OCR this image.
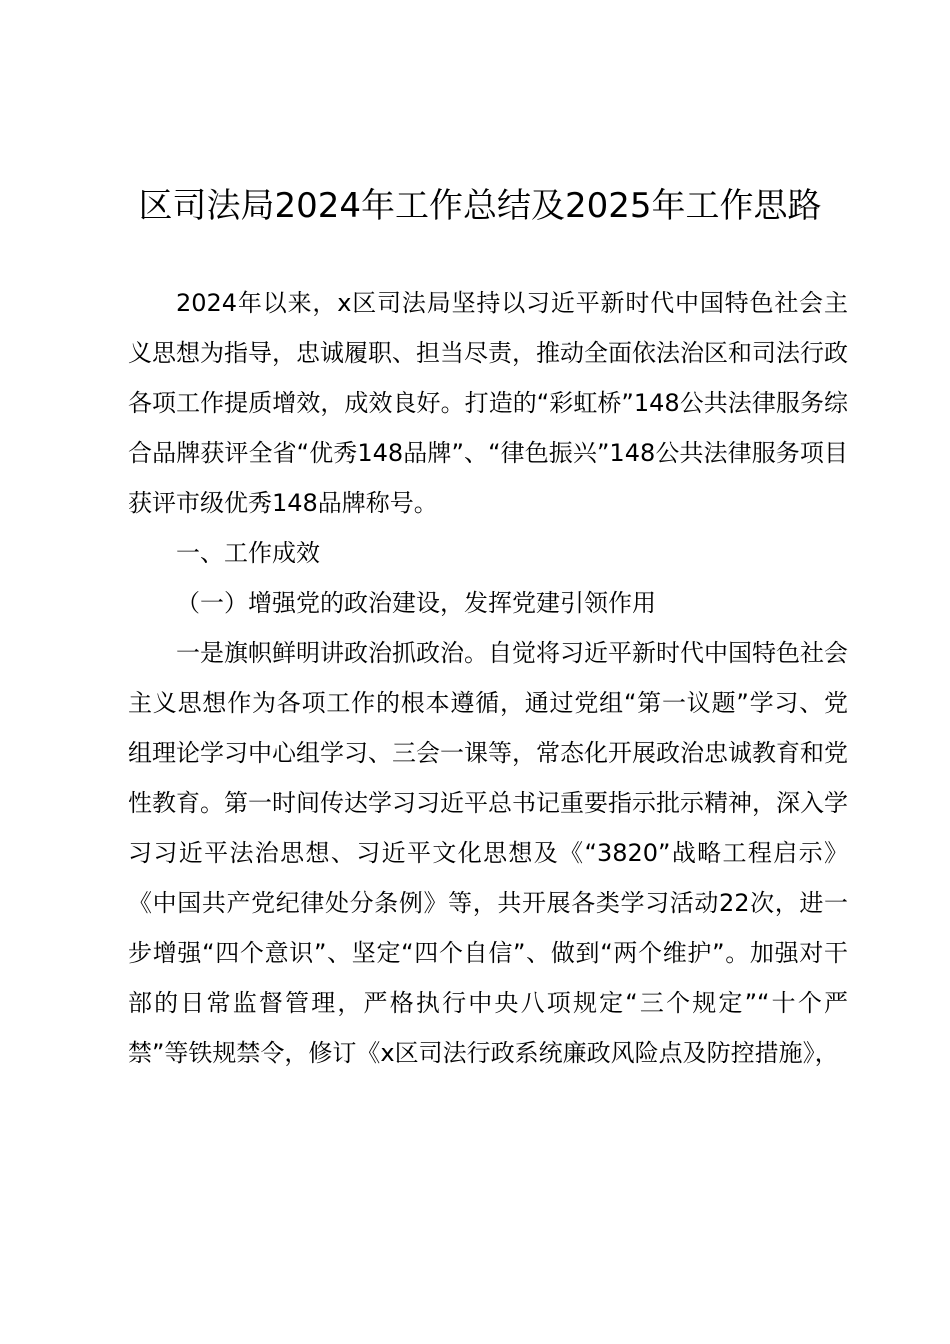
区司法局2024年工作总结及2025年工作思路

2024年以来，x区司法局坚持以习近平新时代中国特色社会主义思想为指导，忠诚履职、担当尽责，推动全面依法治区和司法行政各项工作提质增效，成效良好。打造的“彩虹桥”148公共法律服务综合品牌获评全省“优秀148品牌”、“律色振兴”148公共法律服务项目获评市级优秀148品牌称号。

一、工作成效

（一）增强党的政治建设，发挥党建引领作用

一是旗帜鲜明讲政治抓政治。自觉将习近平新时代中国特色社会主义思想作为各项工作的根本遵循，通过党组“第一议题”学习、党组理论学习中心组学习、三会一课等，常态化开展政治忠诚教育和党性教育。第一时间传达学习习近平总书记重要指示批示精神，深入学习习近平法治思想、习近平文化思想及《“3820”战略工程启示》《中国共产党纪律处分条例》等，共开展各类学习活动22次，进一步增强“四个意识”、坚定“四个自信”、做到“两个维护”。加强对干部的日常监督管理，严格执行中央八项规定“三个规定”“十个严禁”等铁规禁令，修订《x区司法行政系统廉政风险点及防控措施》，
